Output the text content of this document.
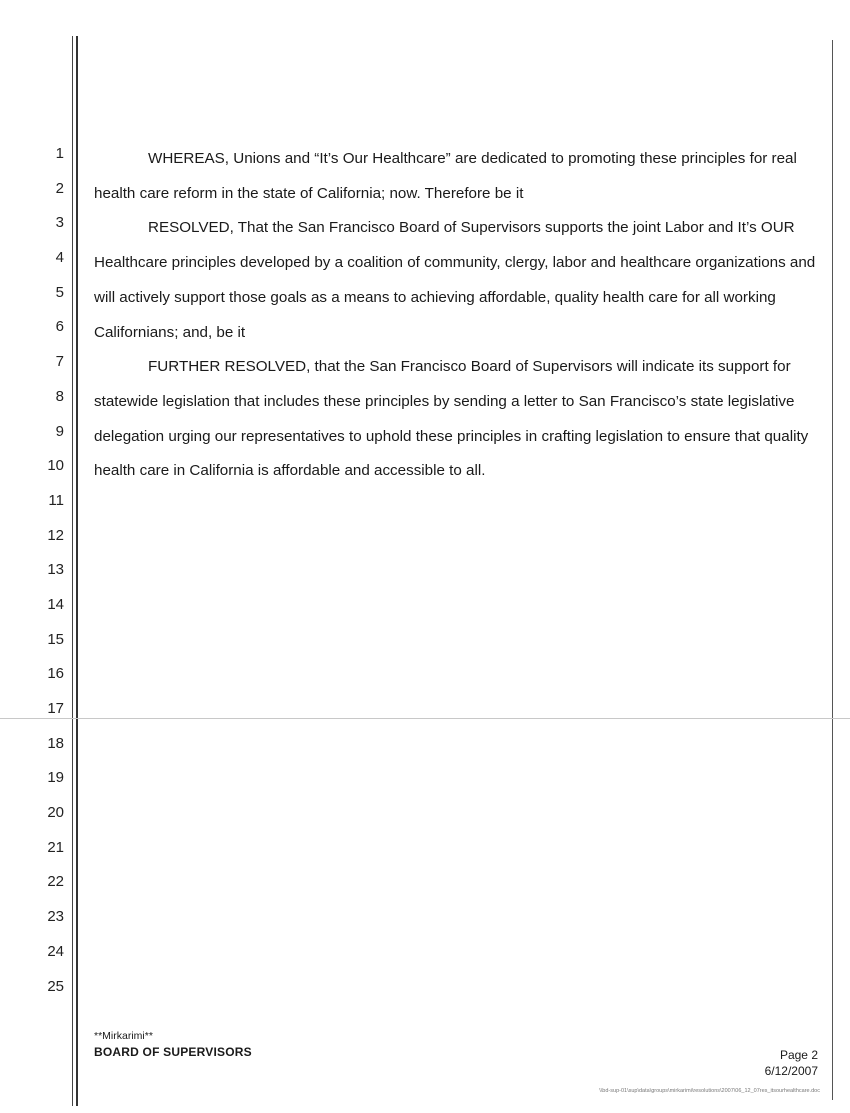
1
2
3
4
5
6
7
8
9
10
11
12
13
14
15
16
17
18
19
20
21
22
23
24
25

WHEREAS, Unions and “It’s Our Healthcare” are dedicated to promoting these principles for real health care reform in the state of California; now. Therefore be it

RESOLVED, That the San Francisco Board of Supervisors supports the joint Labor and It’s OUR Healthcare principles developed by a coalition of community, clergy, labor and healthcare organizations and will actively support those goals as a means to achieving affordable, quality health care for all working Californians; and, be it

FURTHER RESOLVED, that the San Francisco Board of Supervisors will indicate its support for statewide legislation that includes these principles by sending a letter to San Francisco’s state legislative delegation urging our representatives to uphold these principles in crafting legislation to ensure that quality health care in California is affordable and accessible to all.

**Mirkarimi**
BOARD OF SUPERVISORS	Page 2
6/12/2007
\\bd-sup-01\sup\data\groups\mirkarimi\resolutions\2007\06_12_07res_itsourhealthcare.doc
